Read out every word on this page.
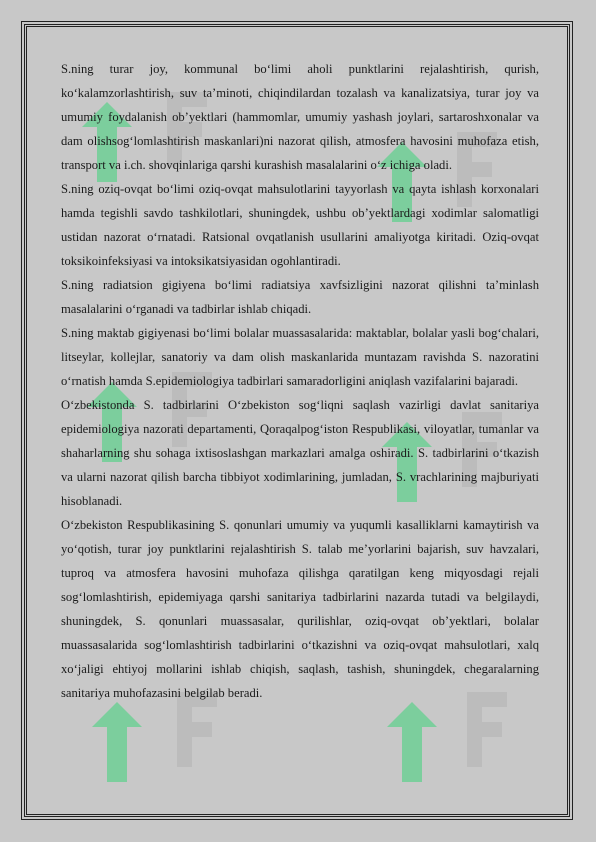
S.ning turar joy, kommunal bo‘limi aholi punktlarini rejalashtirish, qurish, ko‘kalamzorlashtirish, suv ta’minoti, chiqindilardan tozalash va kanalizatsiya, turar joy va umumiy foydalanish ob’yektlari (hammomlar, umumiy yashash joylari, sartaroshxonalar va dam olishsog‘lomlashtirish maskanlari)ni nazorat qilish, atmosfera havosini muhofaza etish, transport va i.ch. shovqinlariga qarshi kurashish masalalarini o‘z ichiga oladi.

S.ning oziq-ovqat bo‘limi oziq-ovqat mahsulotlarini tayyorlash va qayta ishlash korxonalari hamda tegishli savdo tashkilotlari, shuningdek, ushbu ob’yektlardagi xodimlar salomatligi ustidan nazorat o‘rnatadi. Ratsional ovqatlanish usullarini amaliyotga kiritadi. Oziq-ovqat toksikoinfeksiyasi va intoksikatsiyasidan ogohlantiradi.

S.ning radiatsion gigiyena bo‘limi radiatsiya xavfsizligini nazorat qilishni ta’minlash masalalarini o‘rganadi va tadbirlar ishlab chiqadi.

S.ning maktab gigiyenasi bo‘limi bolalar muassasalarida: maktablar, bolalar yasli bog‘chalari, litseylar, kollejlar, sanatoriy va dam olish maskanlarida muntazam ravishda S. nazoratini o‘rnatish hamda S.epidemiologiya tadbirlari samaradorligini aniqlash vazifalarini bajaradi.

O‘zbekistonda S. tadbirlarini O‘zbekiston sog‘liqni saqlash vazirligi davlat sanitariya epidemiologiya nazorati departamenti, Qoraqalpog‘iston Respublikasi, viloyatlar, tumanlar va shaharlarning shu sohaga ixtisoslashgan markazlari amalga oshiradi. S. tadbirlarini o‘tkazish va ularni nazorat qilish barcha tibbiyot xodimlarining, jumladan, S. vrachlarining majburiyati hisoblanadi.

O‘zbekiston Respublikasining S. qonunlari umumiy va yuqumli kasalliklarni kamaytirish va yo‘qotish, turar joy punktlarini rejalashtirish S. talab me’yorlarini bajarish, suv havzalari, tuproq va atmosfera havosini muhofaza qilishga qaratilgan keng miqyosdagi rejali sog‘lomlashtirish, epidemiyaga qarshi sanitariya tadbirlarini nazarda tutadi va belgilaydi, shuningdek, S. qonunlari muassasalar, qurilishlar, oziq-ovqat ob’yektlari, bolalar muassasalarida sog‘lomlashtirish tadbirlarini o‘tkazishni va oziq-ovqat mahsulotlari, xalq xo‘jaligi ehtiyoj mollarini ishlab chiqish, saqlash, tashish, shuningdek, chegaralarning sanitariya muhofazasini belgilab beradi.
